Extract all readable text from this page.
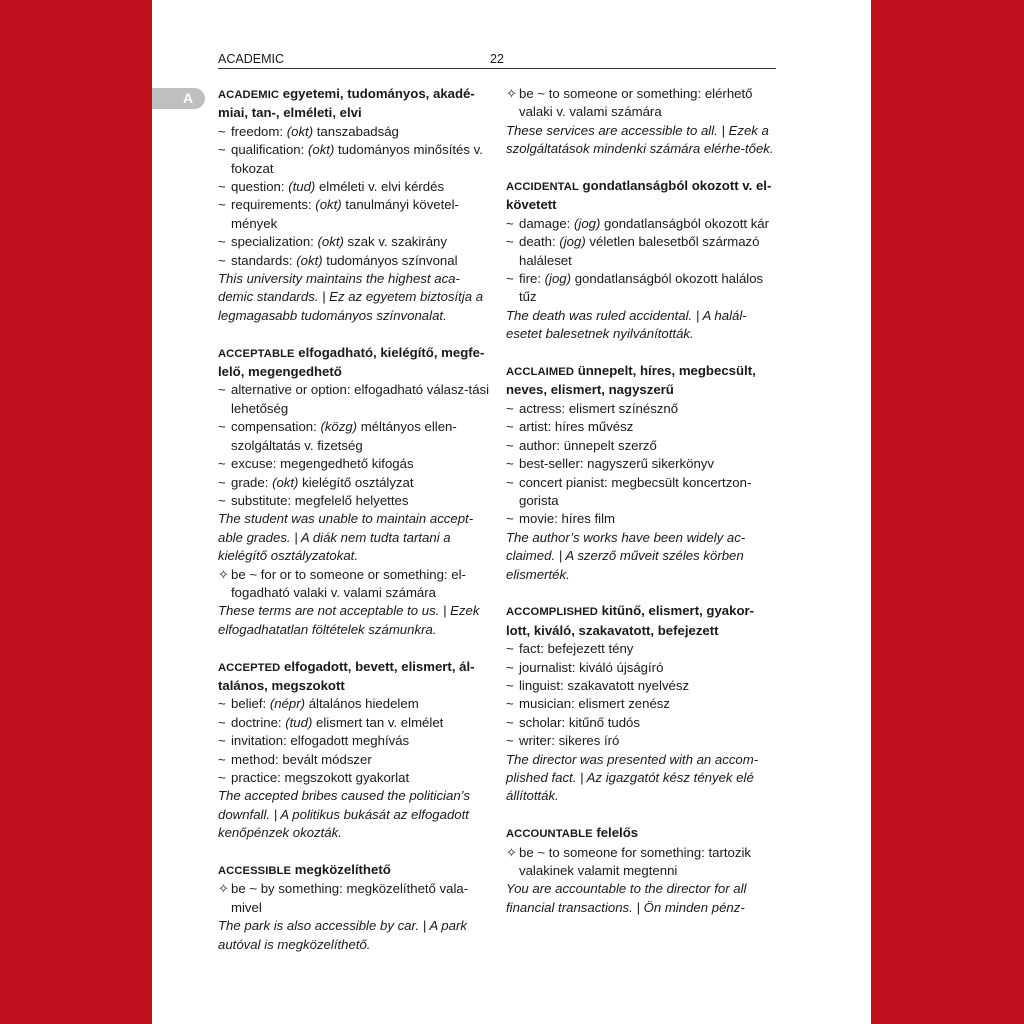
ACADEMIC	22
A ACADEMIC egyetemi, tudományos, akadé-miai, tan-, elméleti, elvi
~ freedom: (okt) tanszabadság
~ qualification: (okt) tudományos minősítés v. fokozat
~ question: (tud) elméleti v. elvi kérdés
~ requirements: (okt) tanulmányi követel-mények
~ specialization: (okt) szak v. szakirány
~ standards: (okt) tudományos színvonal
This university maintains the highest aca-demic standards. | Ez az egyetem biztosítja a legmagasabb tudományos színvonalat.
ACCEPTABLE elfogadható, kielégítő, megfe-lelő, megengedhető
~ alternative or option: elfogadható válasz-tási lehetőség
~ compensation: (közg) méltányos ellen-szolgáltatás v. fizetség
~ excuse: megengedhető kifogás
~ grade: (okt) kielégítő osztályzat
~ substitute: megfelelő helyettes
The student was unable to maintain accept-able grades. | A diák nem tudta tartani a kielégítő osztályzatokat.
✧ be ~ for or to someone or something: el-fogadható valaki v. valami számára
These terms are not acceptable to us. | Ezek elfogadhatatlan föltételek számunkra.
ACCEPTED elfogadott, bevett, elismert, ál-talános, megszokott
~ belief: (népr) általános hiedelem
~ doctrine: (tud) elismert tan v. elmélet
~ invitation: elfogadott meghívás
~ method: bevált módszer
~ practice: megszokott gyakorlat
The accepted bribes caused the politician’s downfall. | A politikus bukását az elfogadott kenőpénzek okozták.
ACCESSIBLE megközelíthető
✧ be ~ by something: megközelíthető vala-mivel
The park is also accessible by car. | A park autóval is megközelíthető.
✧ be ~ to someone or something: elérhető valaki v. valami számára
These services are accessible to all. | Ezek a szolgáltatások mindenki számára elérhe-tőek.
ACCIDENTAL gondatlanságból okozott v. el-követett
~ damage: (jog) gondatlanságból okozott kár
~ death: (jog) véletlen balesetből származó haláleset
~ fire: (jog) gondatlanságból okozott halálos tűz
The death was ruled accidental. | A halál-esetet balesetnek nyilvánították.
ACCLAIMED ünnepelt, híres, megbecsült, neves, elismert, nagyszerű
~ actress: elismert színésznő
~ artist: híres művész
~ author: ünnepelt szerző
~ best-seller: nagyszerű sikerkönyv
~ concert pianist: megbecsült koncertzon-gorista
~ movie: híres film
The author’s works have been widely ac-claimed. | A szerző műveit széles körben elismerték.
ACCOMPLISHED kitűnő, elismert, gyakor-lott, kiváló, szakavatott, befejezett
~ fact: befejezett tény
~ journalist: kiváló újságíró
~ linguist: szakavatott nyelvész
~ musician: elismert zenész
~ scholar: kitűnő tudós
~ writer: sikeres író
The director was presented with an accom-plished fact. | Az igazgatót kész tények elé állították.
ACCOUNTABLE felelős
✧ be ~ to someone for something: tartozik valakinek valamit megtenni
You are accountable to the director for all financial transactions. | Ön minden pénz-
